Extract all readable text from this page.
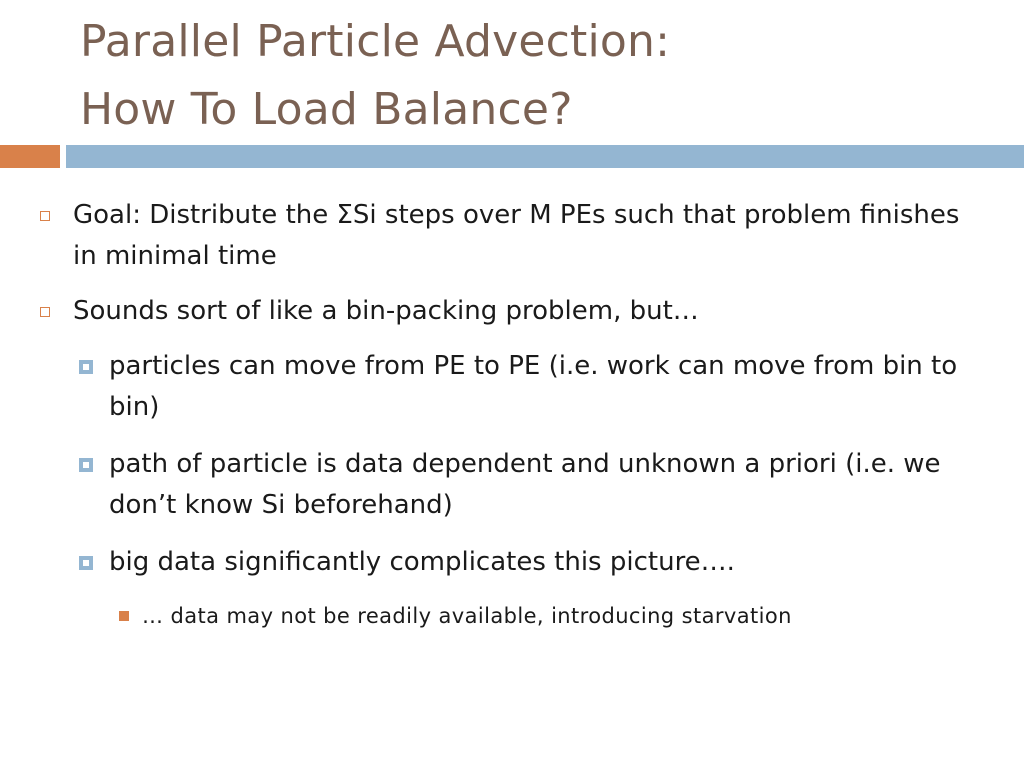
Parallel Particle Advection:
How To Load Balance?
Goal: Distribute the ΣSi steps over M PEs such that problem finishes in minimal time
Sounds sort of like a bin-packing problem, but…
particles can move from PE to PE (i.e. work can move from bin to bin)
path of particle is data dependent and unknown a priori (i.e. we don’t know Si beforehand)
big data significantly complicates this picture….
… data may not be readily available, introducing starvation
